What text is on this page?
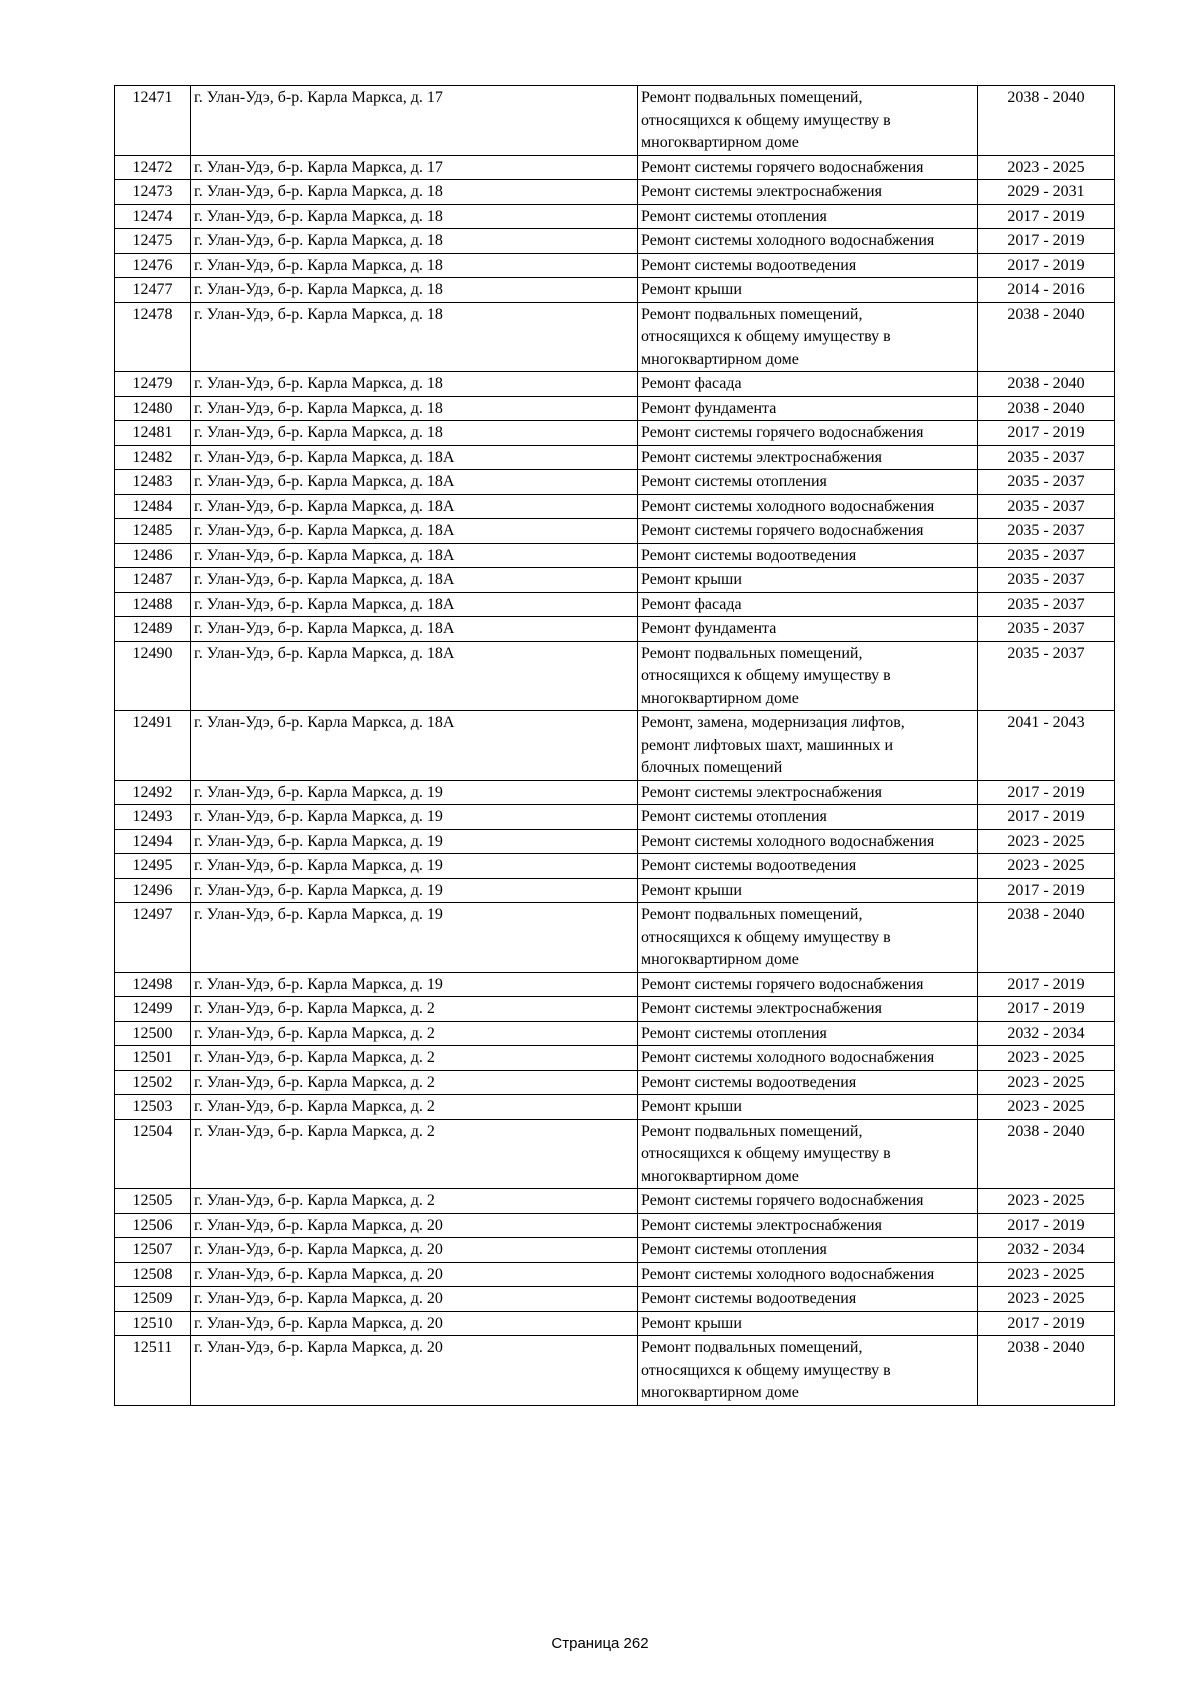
12471	г. Улан-Удэ, б-р. Карла Маркса, д. 17	Ремонт подвальных помещений,
относящихся к общему имуществу в
многоквартирном доме	2038 - 2040
12472	г. Улан-Удэ, б-р. Карла Маркса, д. 17	Ремонт системы горячего водоснабжения	2023 - 2025
12473	г. Улан-Удэ, б-р. Карла Маркса, д. 18	Ремонт системы электроснабжения	2029 - 2031
12474	г. Улан-Удэ, б-р. Карла Маркса, д. 18	Ремонт системы отопления	2017 - 2019
12475	г. Улан-Удэ, б-р. Карла Маркса, д. 18	Ремонт системы холодного водоснабжения	2017 - 2019
12476	г. Улан-Удэ, б-р. Карла Маркса, д. 18	Ремонт системы водоотведения	2017 - 2019
12477	г. Улан-Удэ, б-р. Карла Маркса, д. 18	Ремонт крыши	2014 - 2016
12478	г. Улан-Удэ, б-р. Карла Маркса, д. 18	Ремонт подвальных помещений,
относящихся к общему имуществу в
многоквартирном доме	2038 - 2040
12479	г. Улан-Удэ, б-р. Карла Маркса, д. 18	Ремонт фасада	2038 - 2040
12480	г. Улан-Удэ, б-р. Карла Маркса, д. 18	Ремонт фундамента	2038 - 2040
12481	г. Улан-Удэ, б-р. Карла Маркса, д. 18	Ремонт системы горячего водоснабжения	2017 - 2019
12482	г. Улан-Удэ, б-р. Карла Маркса, д. 18А	Ремонт системы электроснабжения	2035 - 2037
12483	г. Улан-Удэ, б-р. Карла Маркса, д. 18А	Ремонт системы отопления	2035 - 2037
12484	г. Улан-Удэ, б-р. Карла Маркса, д. 18А	Ремонт системы холодного водоснабжения	2035 - 2037
12485	г. Улан-Удэ, б-р. Карла Маркса, д. 18А	Ремонт системы горячего водоснабжения	2035 - 2037
12486	г. Улан-Удэ, б-р. Карла Маркса, д. 18А	Ремонт системы водоотведения	2035 - 2037
12487	г. Улан-Удэ, б-р. Карла Маркса, д. 18А	Ремонт крыши	2035 - 2037
12488	г. Улан-Удэ, б-р. Карла Маркса, д. 18А	Ремонт фасада	2035 - 2037
12489	г. Улан-Удэ, б-р. Карла Маркса, д. 18А	Ремонт фундамента	2035 - 2037
12490	г. Улан-Удэ, б-р. Карла Маркса, д. 18А	Ремонт подвальных помещений,
относящихся к общему имуществу в
многоквартирном доме	2035 - 2037
12491	г. Улан-Удэ, б-р. Карла Маркса, д. 18А	Ремонт, замена, модернизация лифтов,
ремонт лифтовых шахт, машинных и
блочных помещений	2041 - 2043
12492	г. Улан-Удэ, б-р. Карла Маркса, д. 19	Ремонт системы электроснабжения	2017 - 2019
12493	г. Улан-Удэ, б-р. Карла Маркса, д. 19	Ремонт системы отопления	2017 - 2019
12494	г. Улан-Удэ, б-р. Карла Маркса, д. 19	Ремонт системы холодного водоснабжения	2023 - 2025
12495	г. Улан-Удэ, б-р. Карла Маркса, д. 19	Ремонт системы водоотведения	2023 - 2025
12496	г. Улан-Удэ, б-р. Карла Маркса, д. 19	Ремонт крыши	2017 - 2019
12497	г. Улан-Удэ, б-р. Карла Маркса, д. 19	Ремонт подвальных помещений,
относящихся к общему имуществу в
многоквартирном доме	2038 - 2040
12498	г. Улан-Удэ, б-р. Карла Маркса, д. 19	Ремонт системы горячего водоснабжения	2017 - 2019
12499	г. Улан-Удэ, б-р. Карла Маркса, д. 2	Ремонт системы электроснабжения	2017 - 2019
12500	г. Улан-Удэ, б-р. Карла Маркса, д. 2	Ремонт системы отопления	2032 - 2034
12501	г. Улан-Удэ, б-р. Карла Маркса, д. 2	Ремонт системы холодного водоснабжения	2023 - 2025
12502	г. Улан-Удэ, б-р. Карла Маркса, д. 2	Ремонт системы водоотведения	2023 - 2025
12503	г. Улан-Удэ, б-р. Карла Маркса, д. 2	Ремонт крыши	2023 - 2025
12504	г. Улан-Удэ, б-р. Карла Маркса, д. 2	Ремонт подвальных помещений,
относящихся к общему имуществу в
многоквартирном доме	2038 - 2040
12505	г. Улан-Удэ, б-р. Карла Маркса, д. 2	Ремонт системы горячего водоснабжения	2023 - 2025
12506	г. Улан-Удэ, б-р. Карла Маркса, д. 20	Ремонт системы электроснабжения	2017 - 2019
12507	г. Улан-Удэ, б-р. Карла Маркса, д. 20	Ремонт системы отопления	2032 - 2034
12508	г. Улан-Удэ, б-р. Карла Маркса, д. 20	Ремонт системы холодного водоснабжения	2023 - 2025
12509	г. Улан-Удэ, б-р. Карла Маркса, д. 20	Ремонт системы водоотведения	2023 - 2025
12510	г. Улан-Удэ, б-р. Карла Маркса, д. 20	Ремонт крыши	2017 - 2019
12511	г. Улан-Удэ, б-р. Карла Маркса, д. 20	Ремонт подвальных помещений,
относящихся к общему имуществу в
многоквартирном доме	2038 - 2040
Страница 262
